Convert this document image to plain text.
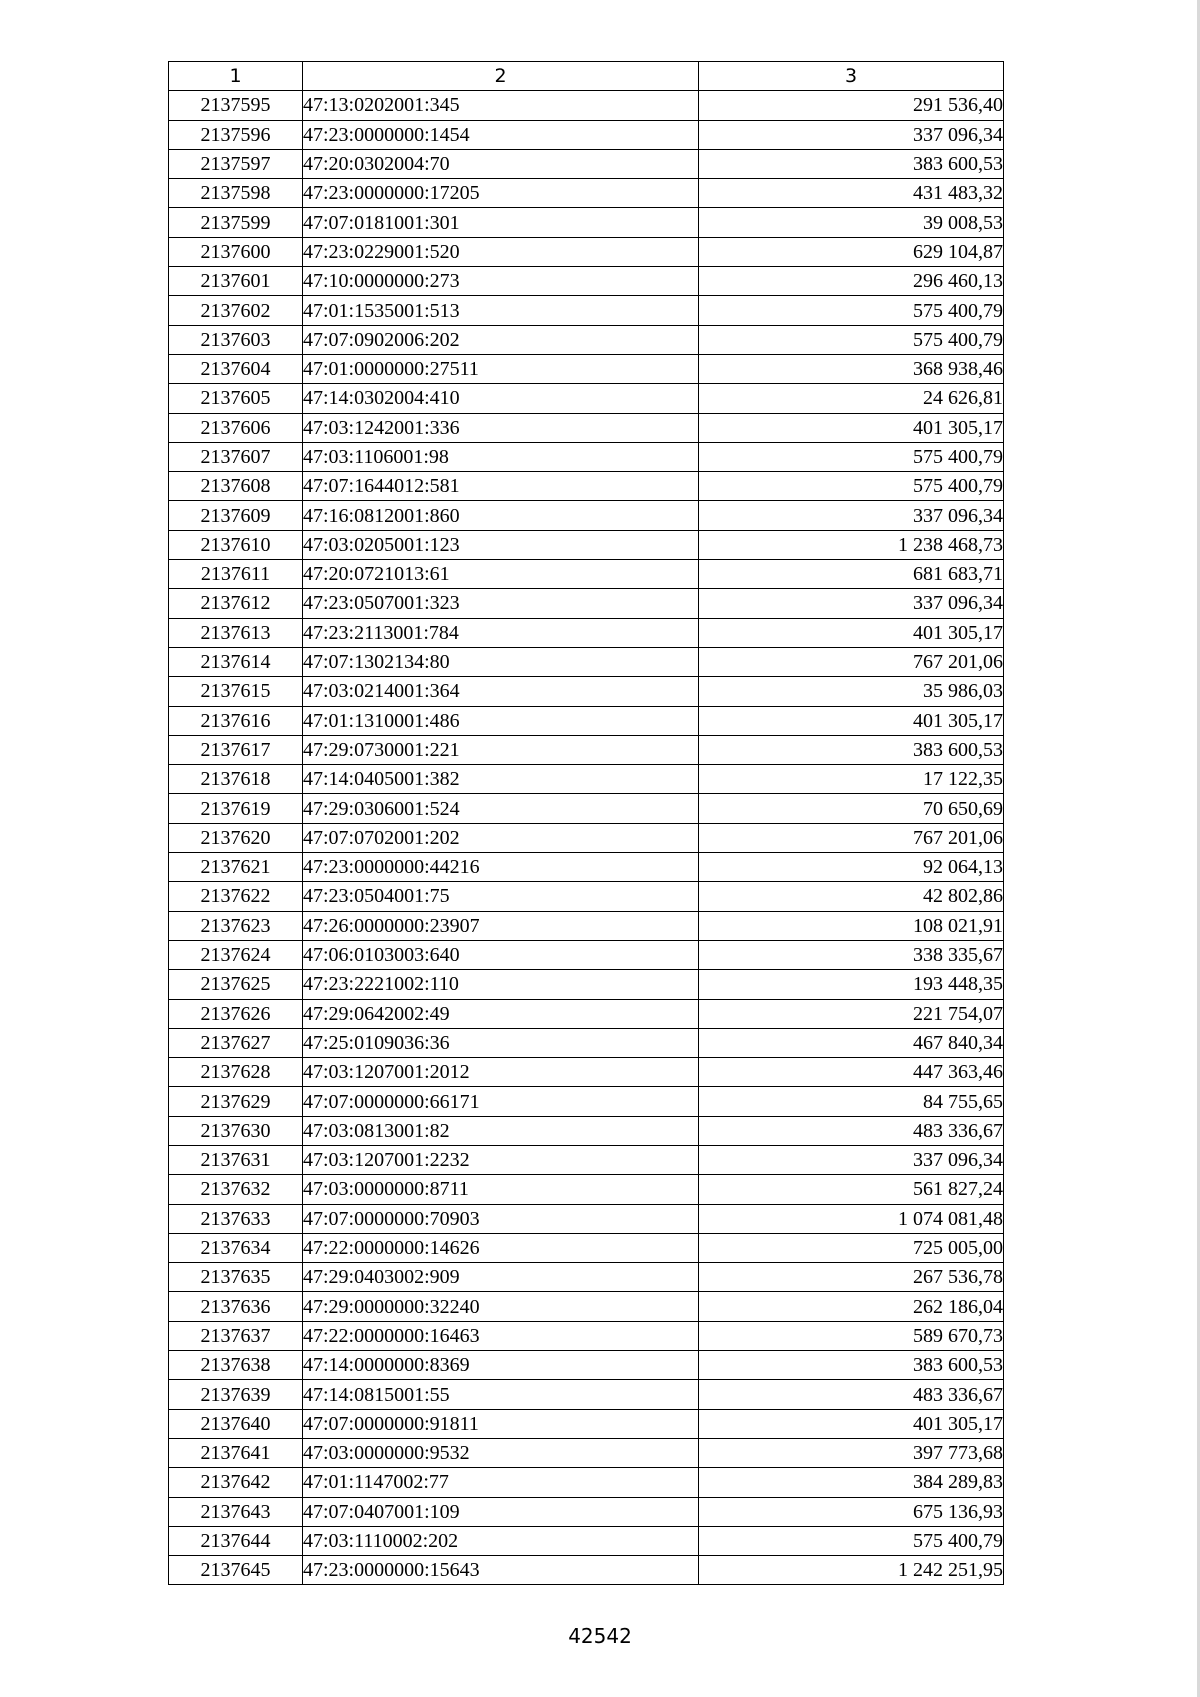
1	2	3
2137595	47:13:0202001:345	291 536,40
2137596	47:23:0000000:1454	337 096,34
2137597	47:20:0302004:70	383 600,53
2137598	47:23:0000000:17205	431 483,32
2137599	47:07:0181001:301	39 008,53
2137600	47:23:0229001:520	629 104,87
2137601	47:10:0000000:273	296 460,13
2137602	47:01:1535001:513	575 400,79
2137603	47:07:0902006:202	575 400,79
2137604	47:01:0000000:27511	368 938,46
2137605	47:14:0302004:410	24 626,81
2137606	47:03:1242001:336	401 305,17
2137607	47:03:1106001:98	575 400,79
2137608	47:07:1644012:581	575 400,79
2137609	47:16:0812001:860	337 096,34
2137610	47:03:0205001:123	1 238 468,73
2137611	47:20:0721013:61	681 683,71
2137612	47:23:0507001:323	337 096,34
2137613	47:23:2113001:784	401 305,17
2137614	47:07:1302134:80	767 201,06
2137615	47:03:0214001:364	35 986,03
2137616	47:01:1310001:486	401 305,17
2137617	47:29:0730001:221	383 600,53
2137618	47:14:0405001:382	17 122,35
2137619	47:29:0306001:524	70 650,69
2137620	47:07:0702001:202	767 201,06
2137621	47:23:0000000:44216	92 064,13
2137622	47:23:0504001:75	42 802,86
2137623	47:26:0000000:23907	108 021,91
2137624	47:06:0103003:640	338 335,67
2137625	47:23:2221002:110	193 448,35
2137626	47:29:0642002:49	221 754,07
2137627	47:25:0109036:36	467 840,34
2137628	47:03:1207001:2012	447 363,46
2137629	47:07:0000000:66171	84 755,65
2137630	47:03:0813001:82	483 336,67
2137631	47:03:1207001:2232	337 096,34
2137632	47:03:0000000:8711	561 827,24
2137633	47:07:0000000:70903	1 074 081,48
2137634	47:22:0000000:14626	725 005,00
2137635	47:29:0403002:909	267 536,78
2137636	47:29:0000000:32240	262 186,04
2137637	47:22:0000000:16463	589 670,73
2137638	47:14:0000000:8369	383 600,53
2137639	47:14:0815001:55	483 336,67
2137640	47:07:0000000:91811	401 305,17
2137641	47:03:0000000:9532	397 773,68
2137642	47:01:1147002:77	384 289,83
2137643	47:07:0407001:109	675 136,93
2137644	47:03:1110002:202	575 400,79
2137645	47:23:0000000:15643	1 242 251,95
42542
